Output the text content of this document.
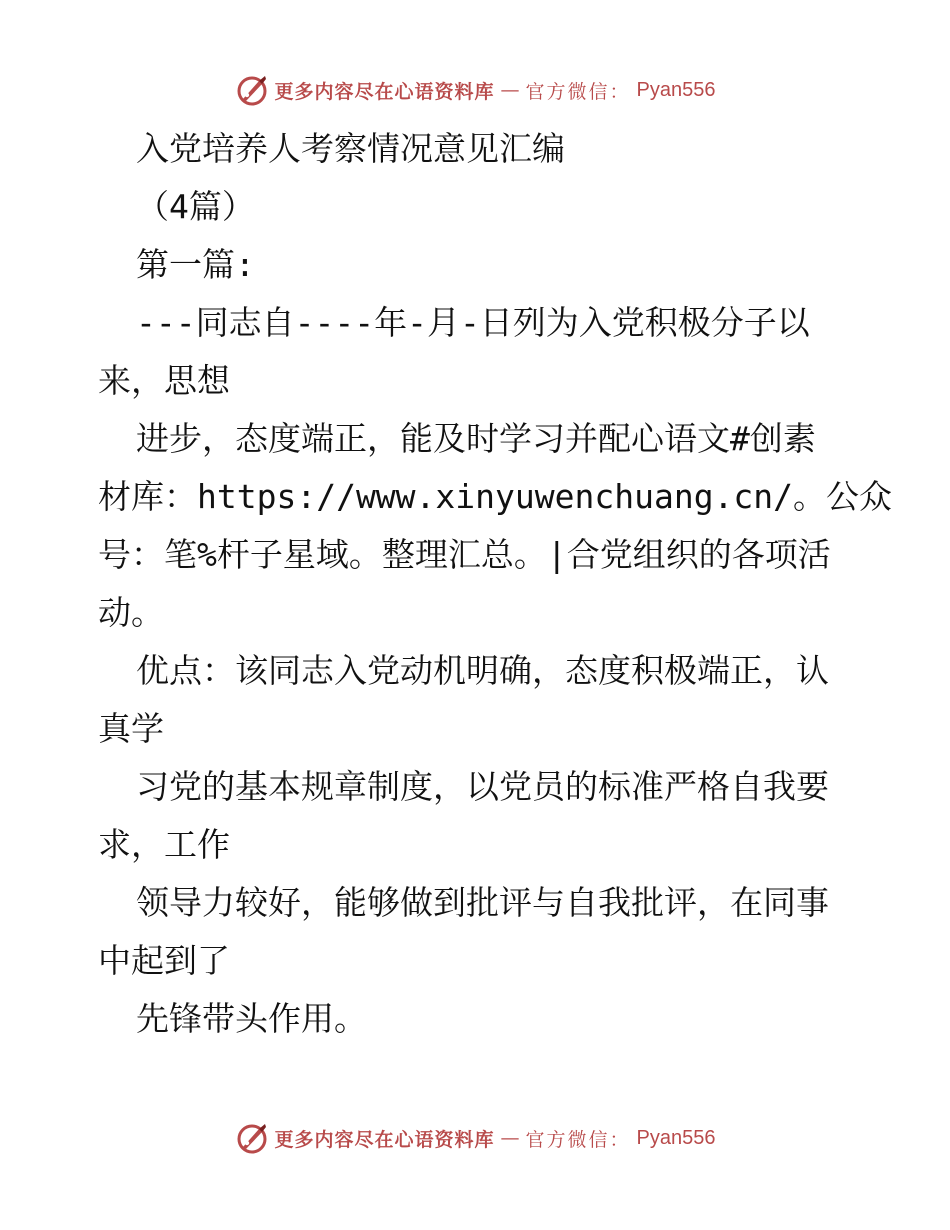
更多内容尽在心语资料库 — 官方微信： Pyan556
入党培养人考察情况意见汇编
（4篇）
第一篇:
---同志自----年-月-日列为入党积极分子以
来，思想
进步，态度端正，能及时学习并配心语文#创素
材库：https://www.xinyuwenchuang.cn/。公众
号：笔%杆子星域。整理汇总。|合党组织的各项活
动。
优点：该同志入党动机明确，态度积极端正，认
真学
习党的基本规章制度，以党员的标准严格自我要
求，工作
领导力较好，能够做到批评与自我批评，在同事
中起到了
先锋带头作用。
更多内容尽在心语资料库 — 官方微信： Pyan556
